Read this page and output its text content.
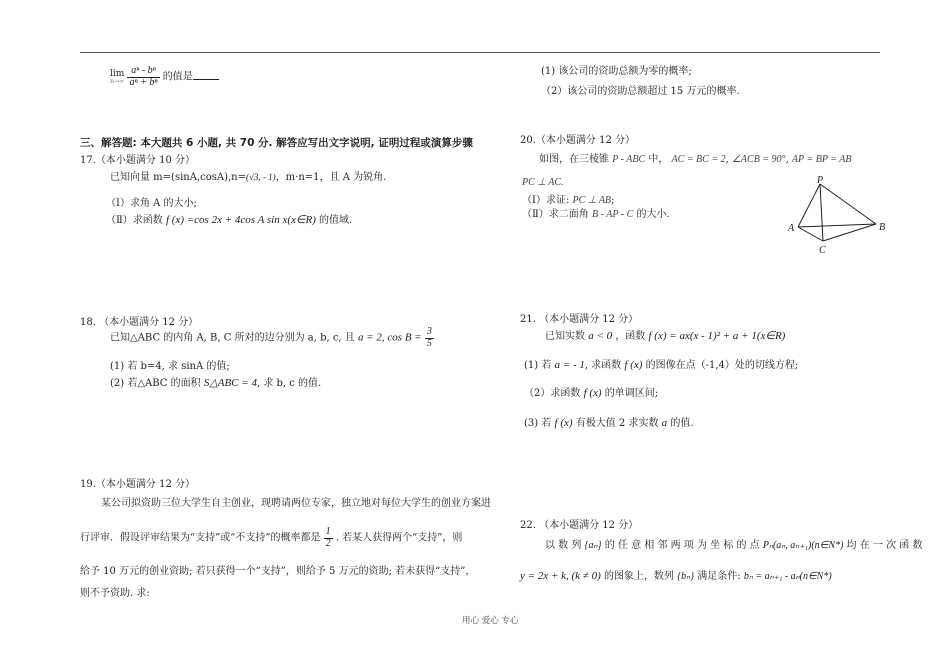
lim
n→∞
$\frac{\text{aⁿ - bⁿ}}{\text{aⁿ + bⁿ}}$ 的值是
三、解答题: 本大题共 6 小题, 共 70 分. 解答应写出文字说明, 证明过程或演算步骤
17.（本小题满分 10 分）
已知向量 m=(sinA,cosA),n=(√3, - 1)，m·n=1，且 A 为锐角.
（Ⅰ）求角 A 的大小;
（Ⅱ）求函数 f (x) =cos 2x + 4cos A sin x(x∈R) 的值域.
18. （本小题满分 12 分）
已知△ABC 的内角 A, B, C 所对的边分别为 a, b, c, 且 a = 2, $\cos B = \frac{3}{5}$
(1) 若 b=4, 求 sinA 的值;
(2) 若△ABC 的面积 S△ABC = 4, 求 b, c 的值.
19.（本小题满分 12 分）
某公司拟资助三位大学生自主创业，现聘请两位专家，独立地对每位大学生的创业方案进
行评审．假设评审结果为“支持”或“不支持”的概率都是 $\frac{1}{2}$ . 若某人获得两个“支持”，则
给予 10 万元的创业资助; 若只获得一个“支持”，则给予 5 万元的资助; 若未获得“支持”，
则不予资助. 求:
(1) 该公司的资助总额为零的概率;
（2）该公司的资助总额超过 15 万元的概率.
20.（本小题满分 12 分）
如图，在三棱锥 P - ABC 中， AC = BC = 2, ∠ACB = 90°, AP = BP = AB
PC ⊥ AC.
（Ⅰ）求证: PC ⊥ AB;
（Ⅱ）求二面角 B - AP - C 的大小.
P
A	B
C
21. （本小题满分 12 分）
已知实数 a < 0 ，函数 f (x) = ax(x - 1)² + a + 1(x∈R)
(1) 若 a = - 1, 求函数 f (x) 的图像在点（-1,4）处的切线方程;
（2）求函数 f (x) 的单调区间;
(3) 若 f (x) 有极大值 2 求实数 a 的值.
22. （本小题满分 12 分）
以 数 列 {aₙ} 的 任 意 相 邻 两 项 为 坐 标 的 点 Pₙ(aₙ, aₙ₊₁)(n∈N*) 均 在 一 次 函 数
y = 2x + k, (k ≠ 0) 的图象上，数列 {bₙ} 满足条件: bₙ = aₙ₊₁ - aₙ(n∈N*)
用心 爱心 专心
